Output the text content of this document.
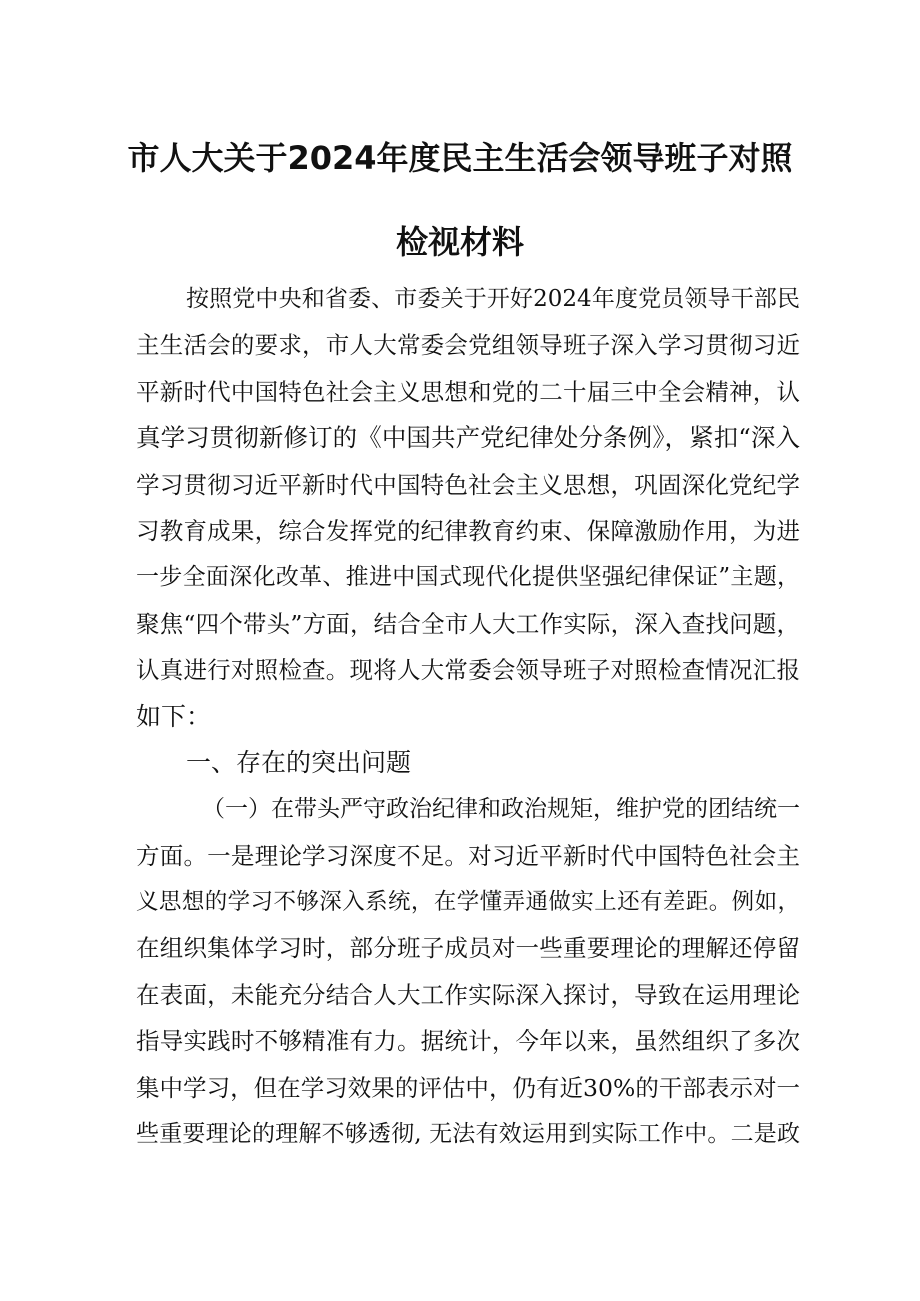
市人大关于2024年度民主生活会领导班子对照
检视材料
按照党中央和省委、市委关于开好2024年度党员领导干部民
主生活会的要求，市人大常委会党组领导班子深入学习贯彻习近
平新时代中国特色社会主义思想和党的二十届三中全会精神，认
真学习贯彻新修订的《中国共产党纪律处分条例》，紧扣“深入
学习贯彻习近平新时代中国特色社会主义思想，巩固深化党纪学
习教育成果，综合发挥党的纪律教育约束、保障激励作用，为进
一步全面深化改革、推进中国式现代化提供坚强纪律保证”主题，
聚焦“四个带头”方面，结合全市人大工作实际，深入查找问题，
认真进行对照检查。现将人大常委会领导班子对照检查情况汇报
如下：
一、存在的突出问题
（一）在带头严守政治纪律和政治规矩，维护党的团结统一
方面。一是理论学习深度不足。对习近平新时代中国特色社会主
义思想的学习不够深入系统，在学懂弄通做实上还有差距。例如，
在组织集体学习时，部分班子成员对一些重要理论的理解还停留
在表面，未能充分结合人大工作实际深入探讨，导致在运用理论
指导实践时不够精准有力。据统计，今年以来，虽然组织了多次
集中学习，但在学习效果的评估中，仍有近30%的干部表示对一
些重要理论的理解不够透彻, 无法有效运用到实际工作中。二是政
